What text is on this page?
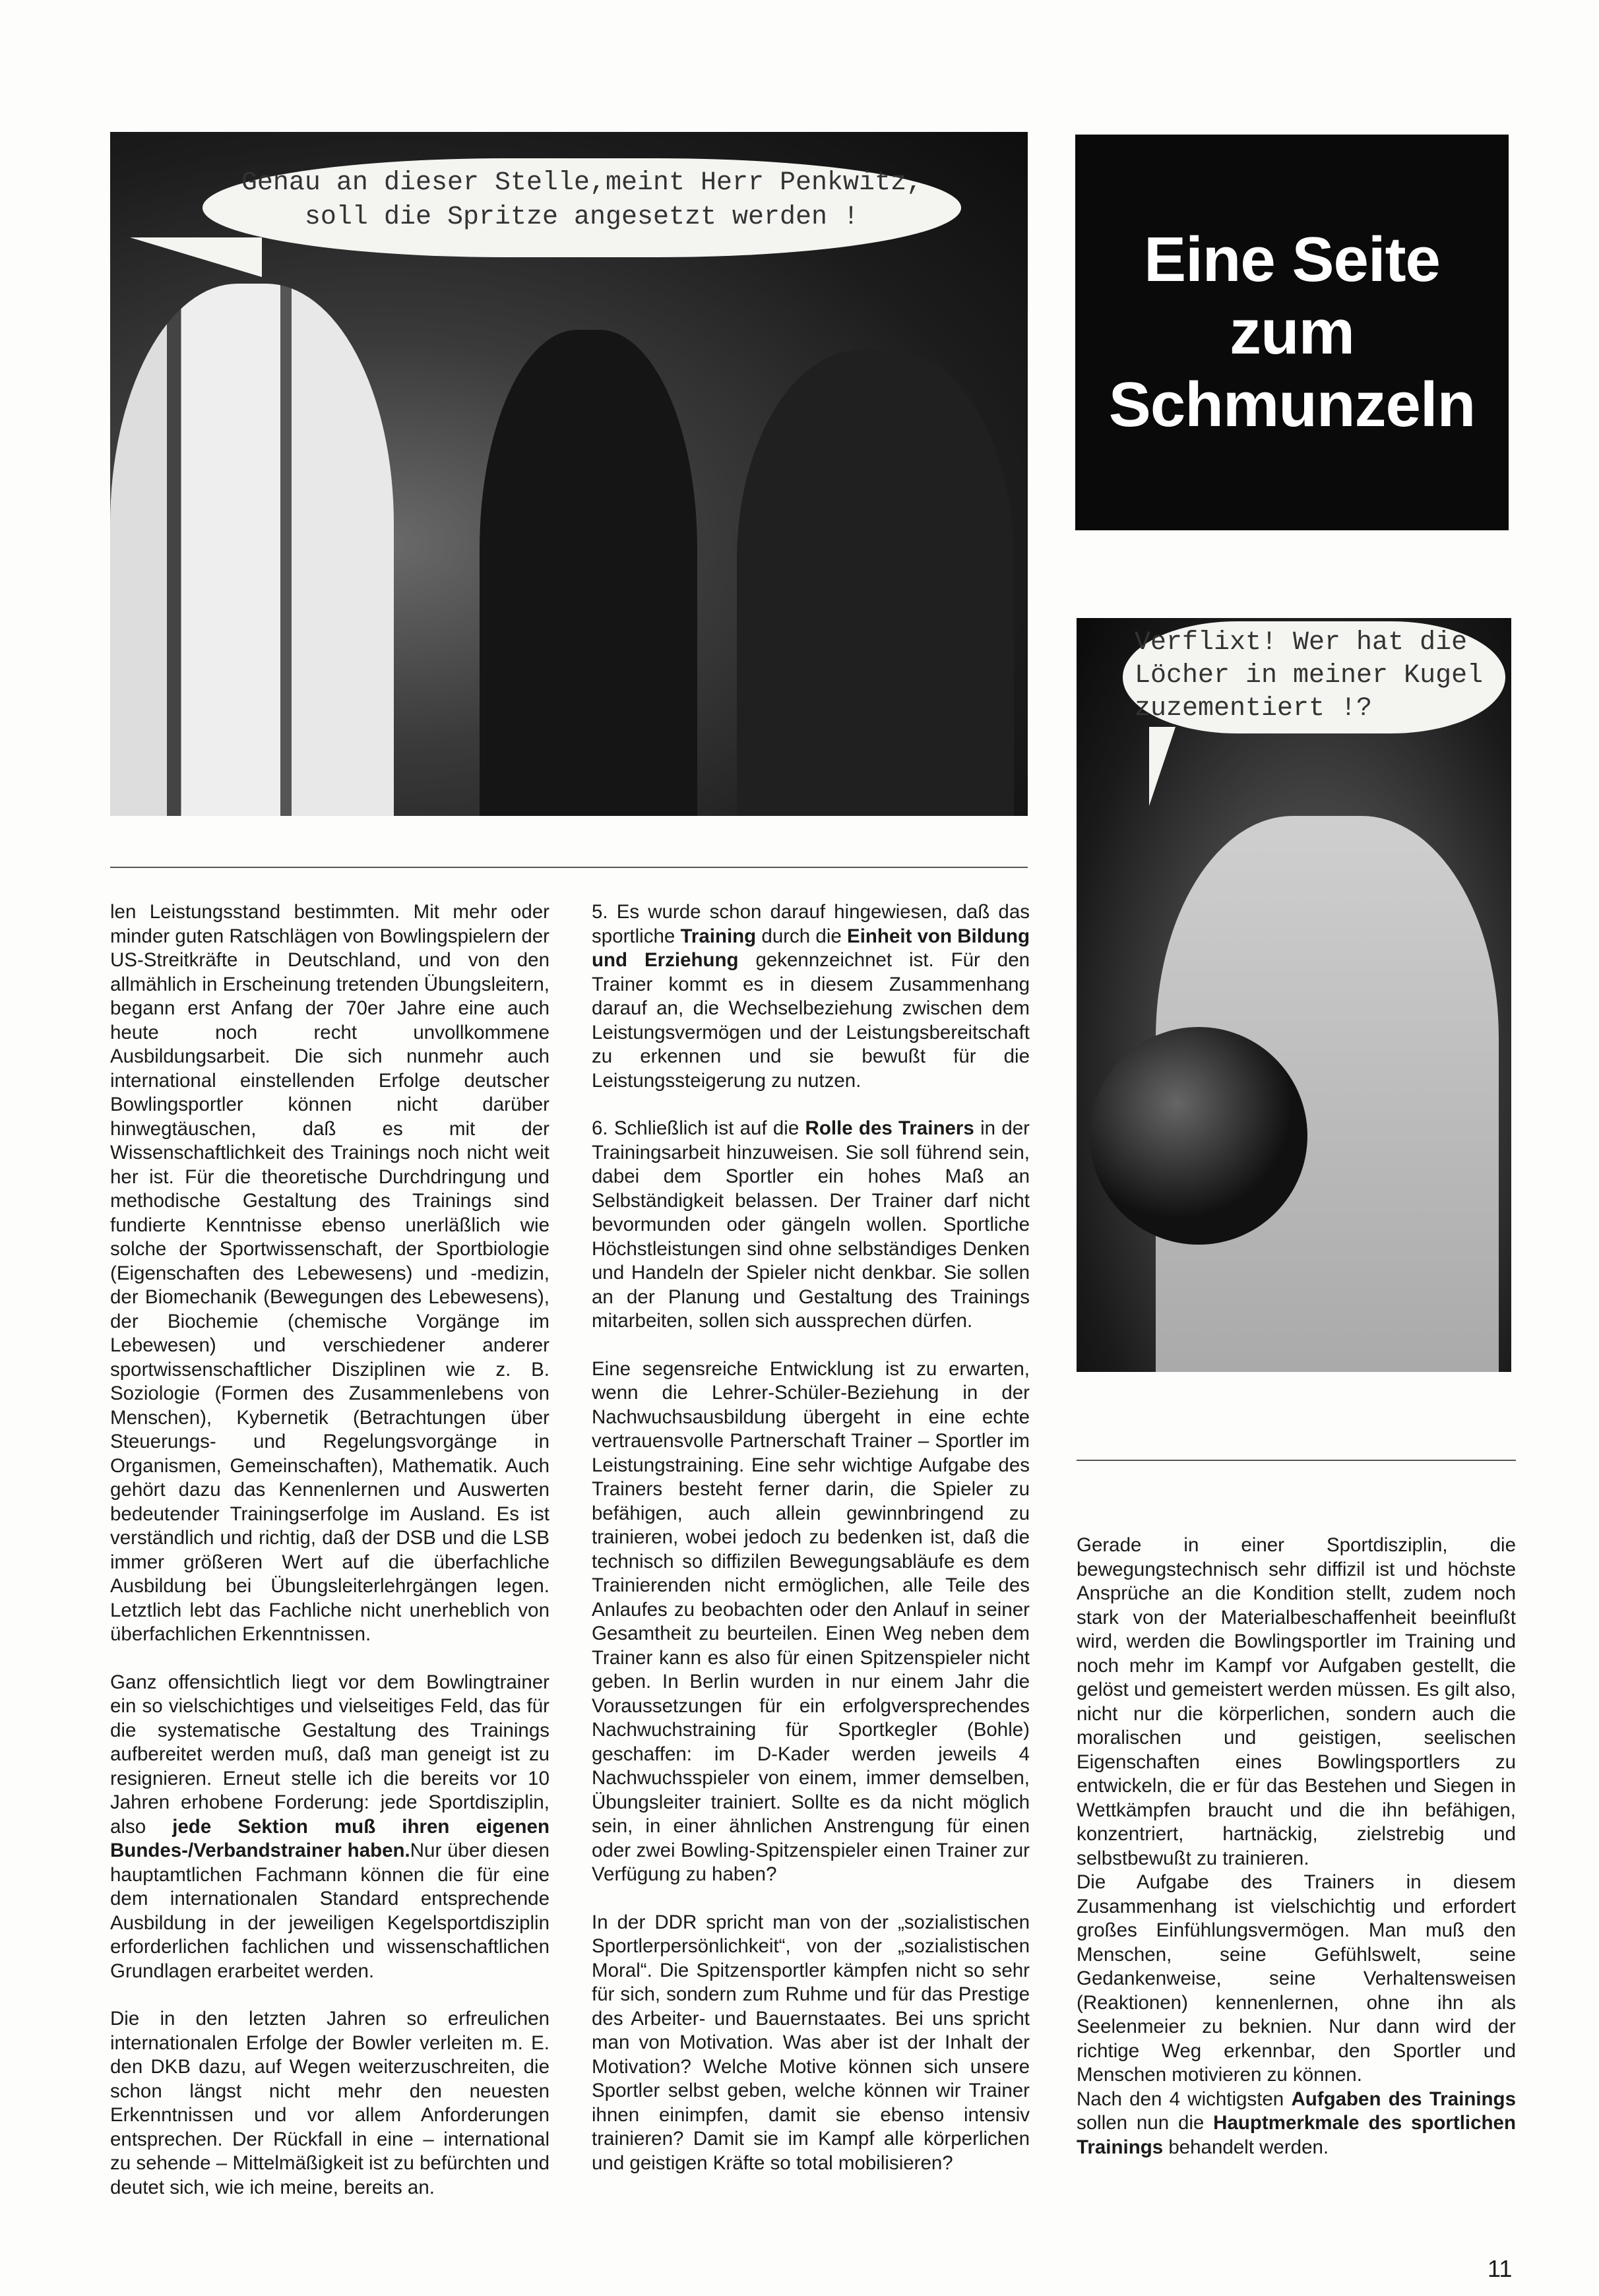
Genau an dieser Stelle,meint Herr Penkwitz,
soll die Spritze angesetzt werden !
Eine Seite
zum
Schmunzeln
Verflixt! Wer hat die
Löcher in meiner Kugel
zuzementiert !?

len Leistungsstand bestimmten. Mit mehr oder minder guten Ratschlägen von Bowlingspielern der US-Streitkräfte in Deutschland, und von den allmählich in Erscheinung tretenden Übungsleitern, begann erst Anfang der 70er Jahre eine auch heute noch recht unvollkommene Ausbildungsarbeit. Die sich nunmehr auch international einstellenden Erfolge deutscher Bowlingsportler können nicht darüber hinwegtäuschen, daß es mit der Wissenschaftlichkeit des Trainings noch nicht weit her ist. Für die theoretische Durchdringung und methodische Gestaltung des Trainings sind fundierte Kenntnisse ebenso unerläßlich wie solche der Sportwissenschaft, der Sportbiologie (Eigenschaften des Lebewesens) und -medizin, der Biomechanik (Bewegungen des Lebewesens), der Biochemie (chemische Vorgänge im Lebewesen) und verschiedener anderer sportwissenschaftlicher Disziplinen wie z. B. Soziologie (Formen des Zusammenlebens von Menschen), Kybernetik (Betrachtungen über Steuerungs- und Regelungsvorgänge in Organismen, Gemeinschaften), Mathematik. Auch gehört dazu das Kennenlernen und Auswerten bedeutender Trainingserfolge im Ausland. Es ist verständlich und richtig, daß der DSB und die LSB immer größeren Wert auf die überfachliche Ausbildung bei Übungsleiterlehrgängen legen. Letztlich lebt das Fachliche nicht unerheblich von überfachlichen Erkenntnissen.

Ganz offensichtlich liegt vor dem Bowlingtrainer ein so vielschichtiges und vielseitiges Feld, das für die systematische Gestaltung des Trainings aufbereitet werden muß, daß man geneigt ist zu resignieren. Erneut stelle ich die bereits vor 10 Jahren erhobene Forderung: jede Sportdisziplin, also jede Sektion muß ihren eigenen Bundes-/Verbandstrainer haben.Nur über diesen hauptamtlichen Fachmann können die für eine dem internationalen Standard entsprechende Ausbildung in der jeweiligen Kegelsportdisziplin erforderlichen fachlichen und wissenschaftlichen Grundlagen erarbeitet werden.

Die in den letzten Jahren so erfreulichen internationalen Erfolge der Bowler verleiten m. E. den DKB dazu, auf Wegen weiterzuschreiten, die schon längst nicht mehr den neuesten Erkenntnissen und vor allem Anforderungen entsprechen. Der Rückfall in eine – international zu sehende – Mittelmäßigkeit ist zu befürchten und deutet sich, wie ich meine, bereits an.

5. Es wurde schon darauf hingewiesen, daß das sportliche Training durch die Einheit von Bildung und Erziehung gekennzeichnet ist. Für den Trainer kommt es in diesem Zusammenhang darauf an, die Wechselbeziehung zwischen dem Leistungsvermögen und der Leistungsbereitschaft zu erkennen und sie bewußt für die Leistungssteigerung zu nutzen.

6. Schließlich ist auf die Rolle des Trainers in der Trainingsarbeit hinzuweisen. Sie soll führend sein, dabei dem Sportler ein hohes Maß an Selbständigkeit belassen. Der Trainer darf nicht bevormunden oder gängeln wollen. Sportliche Höchstleistungen sind ohne selbständiges Denken und Handeln der Spieler nicht denkbar. Sie sollen an der Planung und Gestaltung des Trainings mitarbeiten, sollen sich aussprechen dürfen.

Eine segensreiche Entwicklung ist zu erwarten, wenn die Lehrer-Schüler-Beziehung in der Nachwuchsausbildung übergeht in eine echte vertrauensvolle Partnerschaft Trainer – Sportler im Leistungstraining. Eine sehr wichtige Aufgabe des Trainers besteht ferner darin, die Spieler zu befähigen, auch allein gewinnbringend zu trainieren, wobei jedoch zu bedenken ist, daß die technisch so diffizilen Bewegungsabläufe es dem Trainierenden nicht ermöglichen, alle Teile des Anlaufes zu beobachten oder den Anlauf in seiner Gesamtheit zu beurteilen. Einen Weg neben dem Trainer kann es also für einen Spitzenspieler nicht geben. In Berlin wurden in nur einem Jahr die Voraussetzungen für ein erfolgversprechendes Nachwuchstraining für Sportkegler (Bohle) geschaffen: im D-Kader werden jeweils 4 Nachwuchsspieler von einem, immer demselben, Übungsleiter trainiert. Sollte es da nicht möglich sein, in einer ähnlichen Anstrengung für einen oder zwei Bowling-Spitzenspieler einen Trainer zur Verfügung zu haben?

In der DDR spricht man von der „sozialistischen Sportlerpersönlichkeit“, von der „sozialistischen Moral“. Die Spitzensportler kämpfen nicht so sehr für sich, sondern zum Ruhme und für das Prestige des Arbeiter- und Bauernstaates. Bei uns spricht man von Motivation. Was aber ist der Inhalt der Motivation? Welche Motive können sich unsere Sportler selbst geben, welche können wir Trainer ihnen einimpfen, damit sie ebenso intensiv trainieren? Damit sie im Kampf alle körperlichen und geistigen Kräfte so total mobilisieren?

Gerade in einer Sportdisziplin, die bewegungstechnisch sehr diffizil ist und höchste Ansprüche an die Kondition stellt, zudem noch stark von der Materialbeschaffenheit beeinflußt wird, werden die Bowlingsportler im Training und noch mehr im Kampf vor Aufgaben gestellt, die gelöst und gemeistert werden müssen. Es gilt also, nicht nur die körperlichen, sondern auch die moralischen und geistigen, seelischen Eigenschaften eines Bowlingsportlers zu entwickeln, die er für das Bestehen und Siegen in Wettkämpfen braucht und die ihn befähigen, konzentriert, hartnäckig, zielstrebig und selbstbewußt zu trainieren.

Die Aufgabe des Trainers in diesem Zusammenhang ist vielschichtig und erfordert großes Einfühlungsvermögen. Man muß den Menschen, seine Gefühlswelt, seine Gedankenweise, seine Verhaltensweisen (Reaktionen) kennenlernen, ohne ihn als Seelenmeier zu beknien. Nur dann wird der richtige Weg erkennbar, den Sportler und Menschen motivieren zu können.

Nach den 4 wichtigsten Aufgaben des Trainings sollen nun die Hauptmerkmale des sportlichen Trainings behandelt werden.

11
